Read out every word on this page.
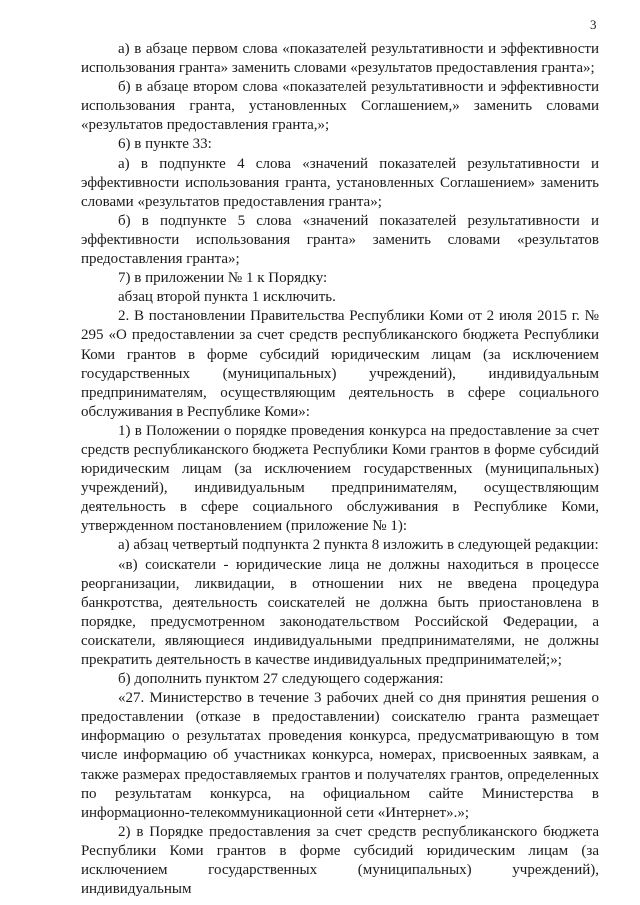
3

а) в абзаце первом слова «показателей результативности и эффективности использования гранта» заменить словами «результатов предоставления гранта»;

б) в абзаце втором слова «показателей результативности и эффективности использования гранта, установленных Соглашением,» заменить словами «результатов предоставления гранта,»;

6) в пункте 33:

а) в подпункте 4 слова «значений показателей результативности и эффективности использования гранта, установленных Соглашением» заменить словами «результатов предоставления гранта»;

б) в подпункте 5 слова «значений показателей результативности и эффективности использования гранта» заменить словами «результатов предоставления гранта»;

7) в приложении № 1 к Порядку:

абзац второй пункта 1 исключить.

2. В постановлении Правительства Республики Коми от 2 июля 2015 г. № 295 «О предоставлении за счет средств республиканского бюджета Республики Коми грантов в форме субсидий юридическим лицам (за исключением государственных (муниципальных) учреждений), индивидуальным предпринимателям, осуществляющим деятельность в сфере социального обслуживания в Республике Коми»:

1) в Положении о порядке проведения конкурса на предоставление за счет средств республиканского бюджета Республики Коми грантов в форме субсидий юридическим лицам (за исключением государственных (муниципальных) учреждений), индивидуальным предпринимателям, осуществляющим деятельность в сфере социального обслуживания в Республике Коми, утвержденном постановлением (приложение № 1):

а) абзац четвертый подпункта 2 пункта 8 изложить в следующей редакции:

«в) соискатели - юридические лица не должны находиться в процессе реорганизации, ликвидации, в отношении них не введена процедура банкротства, деятельность соискателей не должна быть приостановлена в порядке, предусмотренном законодательством Российской Федерации, а соискатели, являющиеся индивидуальными предпринимателями, не должны прекратить деятельность в качестве индивидуальных предпринимателей;»;

б) дополнить пунктом 27 следующего содержания:

«27. Министерство в течение 3 рабочих дней со дня принятия решения о предоставлении (отказе в предоставлении) соискателю гранта размещает информацию о результатах проведения конкурса, предусматривающую в том числе информацию об участниках конкурса, номерах, присвоенных заявкам, а также размерах предоставляемых грантов и получателях грантов, определенных по результатам конкурса, на официальном сайте Министерства в информационно-телекоммуникационной сети «Интернет».»;

2) в Порядке предоставления за счет средств республиканского бюджета Республики Коми грантов в форме субсидий юридическим лицам (за исключением государственных (муниципальных) учреждений), индивидуальным
